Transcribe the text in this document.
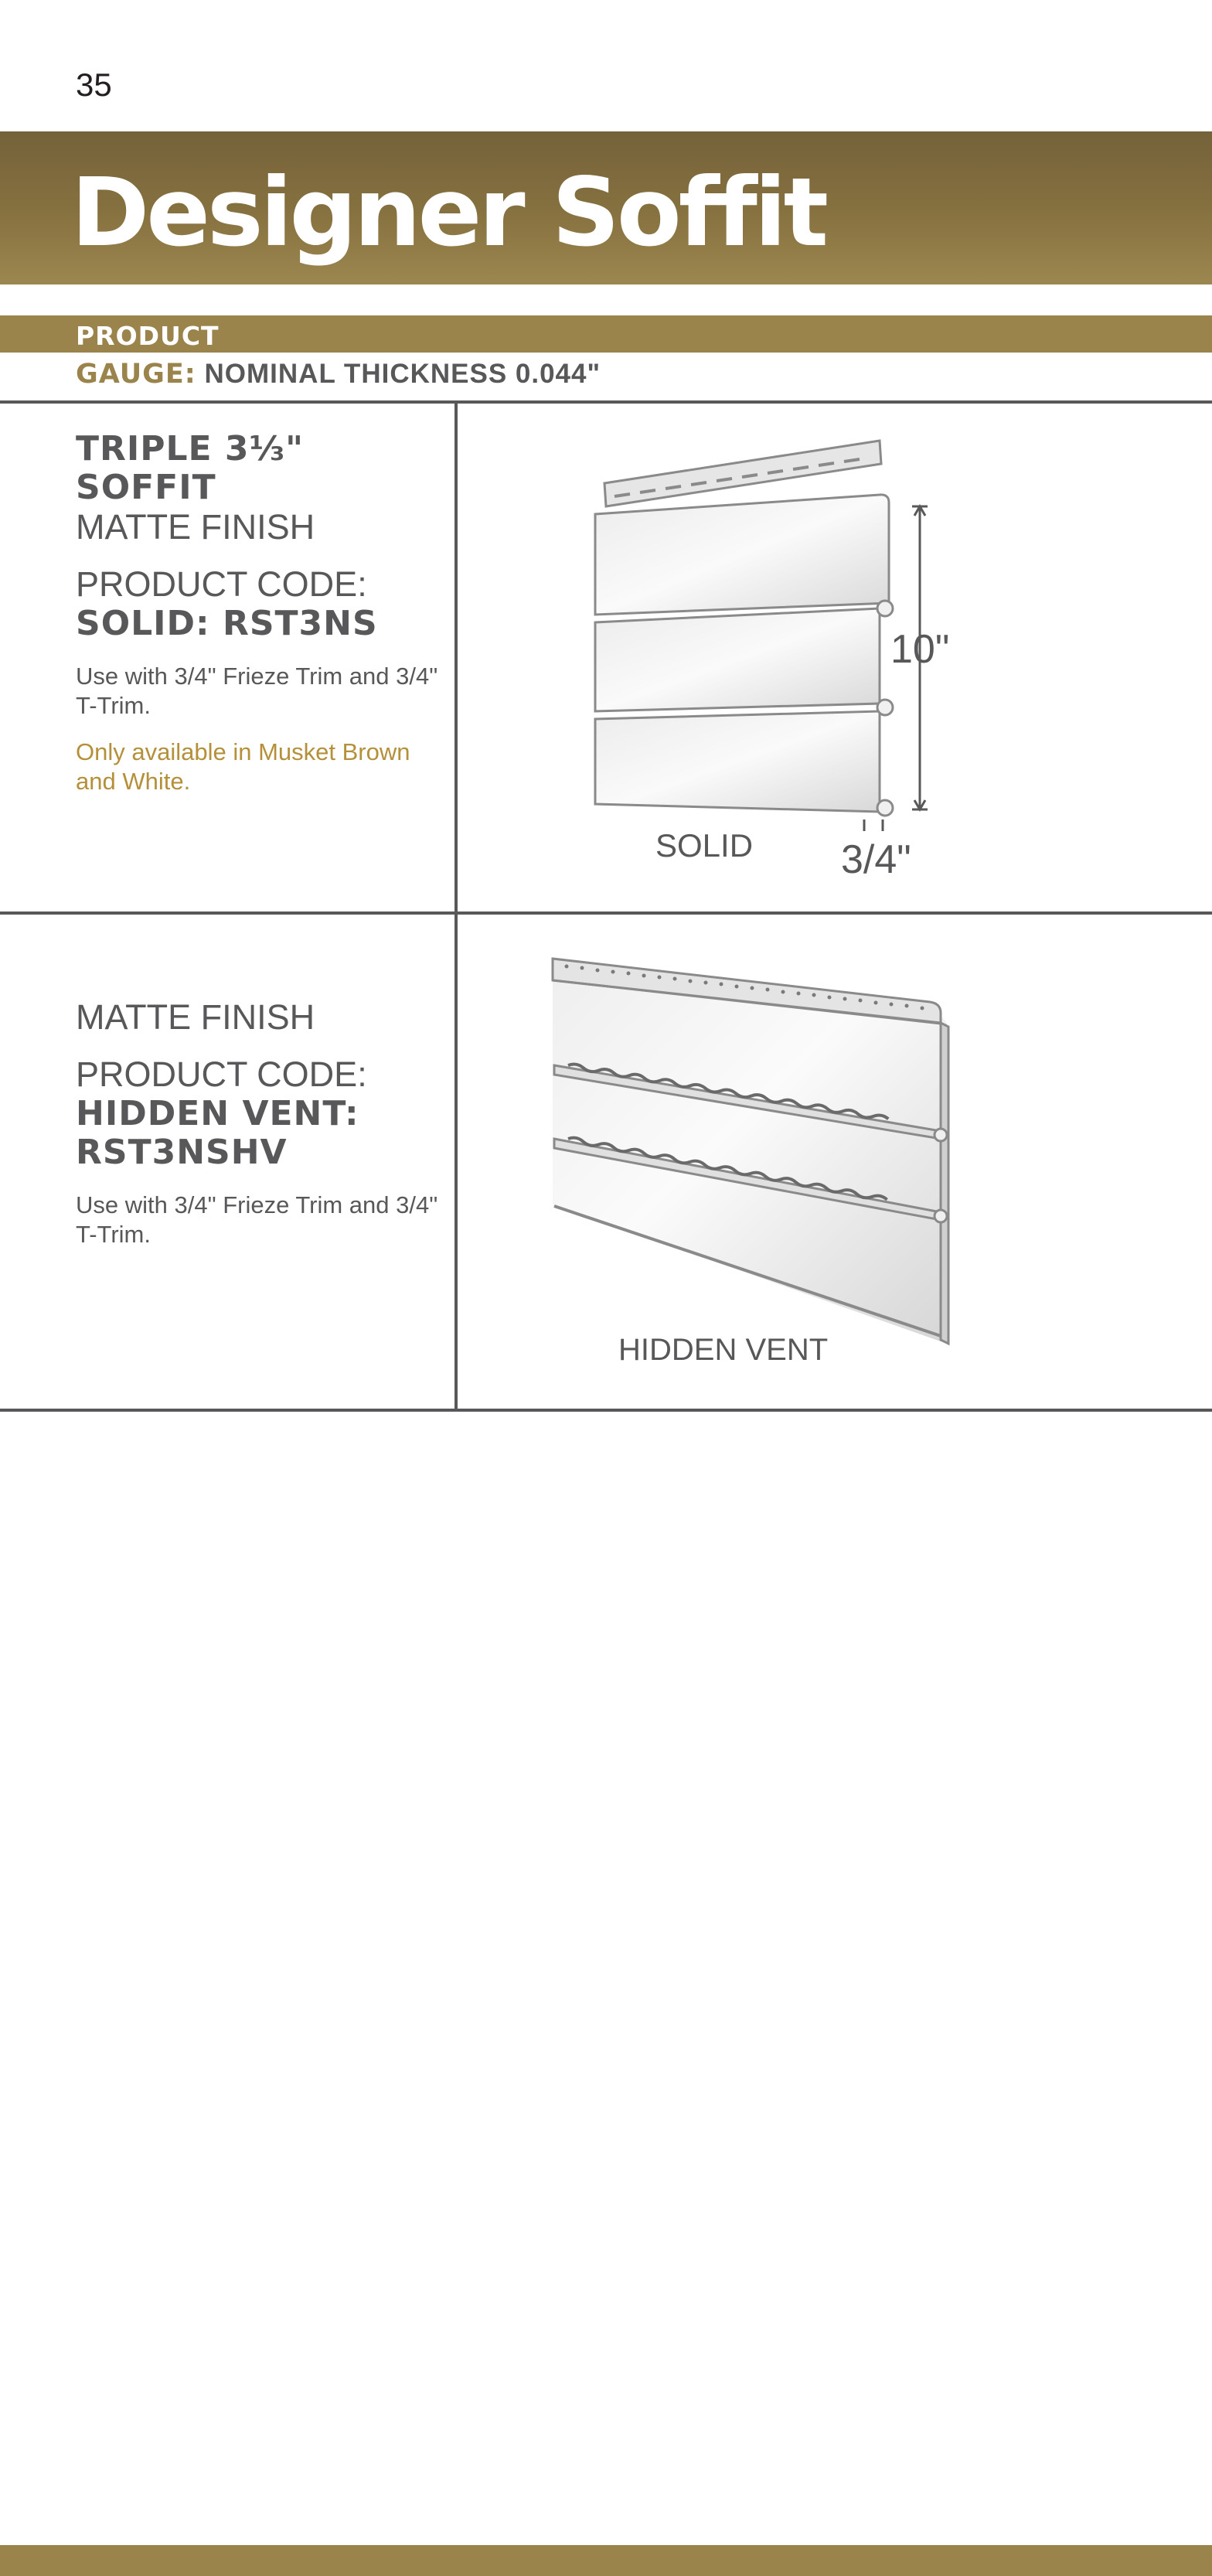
35
Designer Soffit
PRODUCT
GAUGE: NOMINAL THICKNESS 0.044"
TRIPLE 3⅓"
SOFFIT
MATTE FINISH
PRODUCT CODE:
SOLID: RST3NS
Use with 3/4" Frieze Trim and 3/4" T-Trim.
Only available in Musket Brown and White.
10"
3/4"
SOLID
MATTE FINISH
PRODUCT CODE:
HIDDEN VENT:
RST3NSHV
Use with 3/4" Frieze Trim and 3/4" T-Trim.
HIDDEN VENT
